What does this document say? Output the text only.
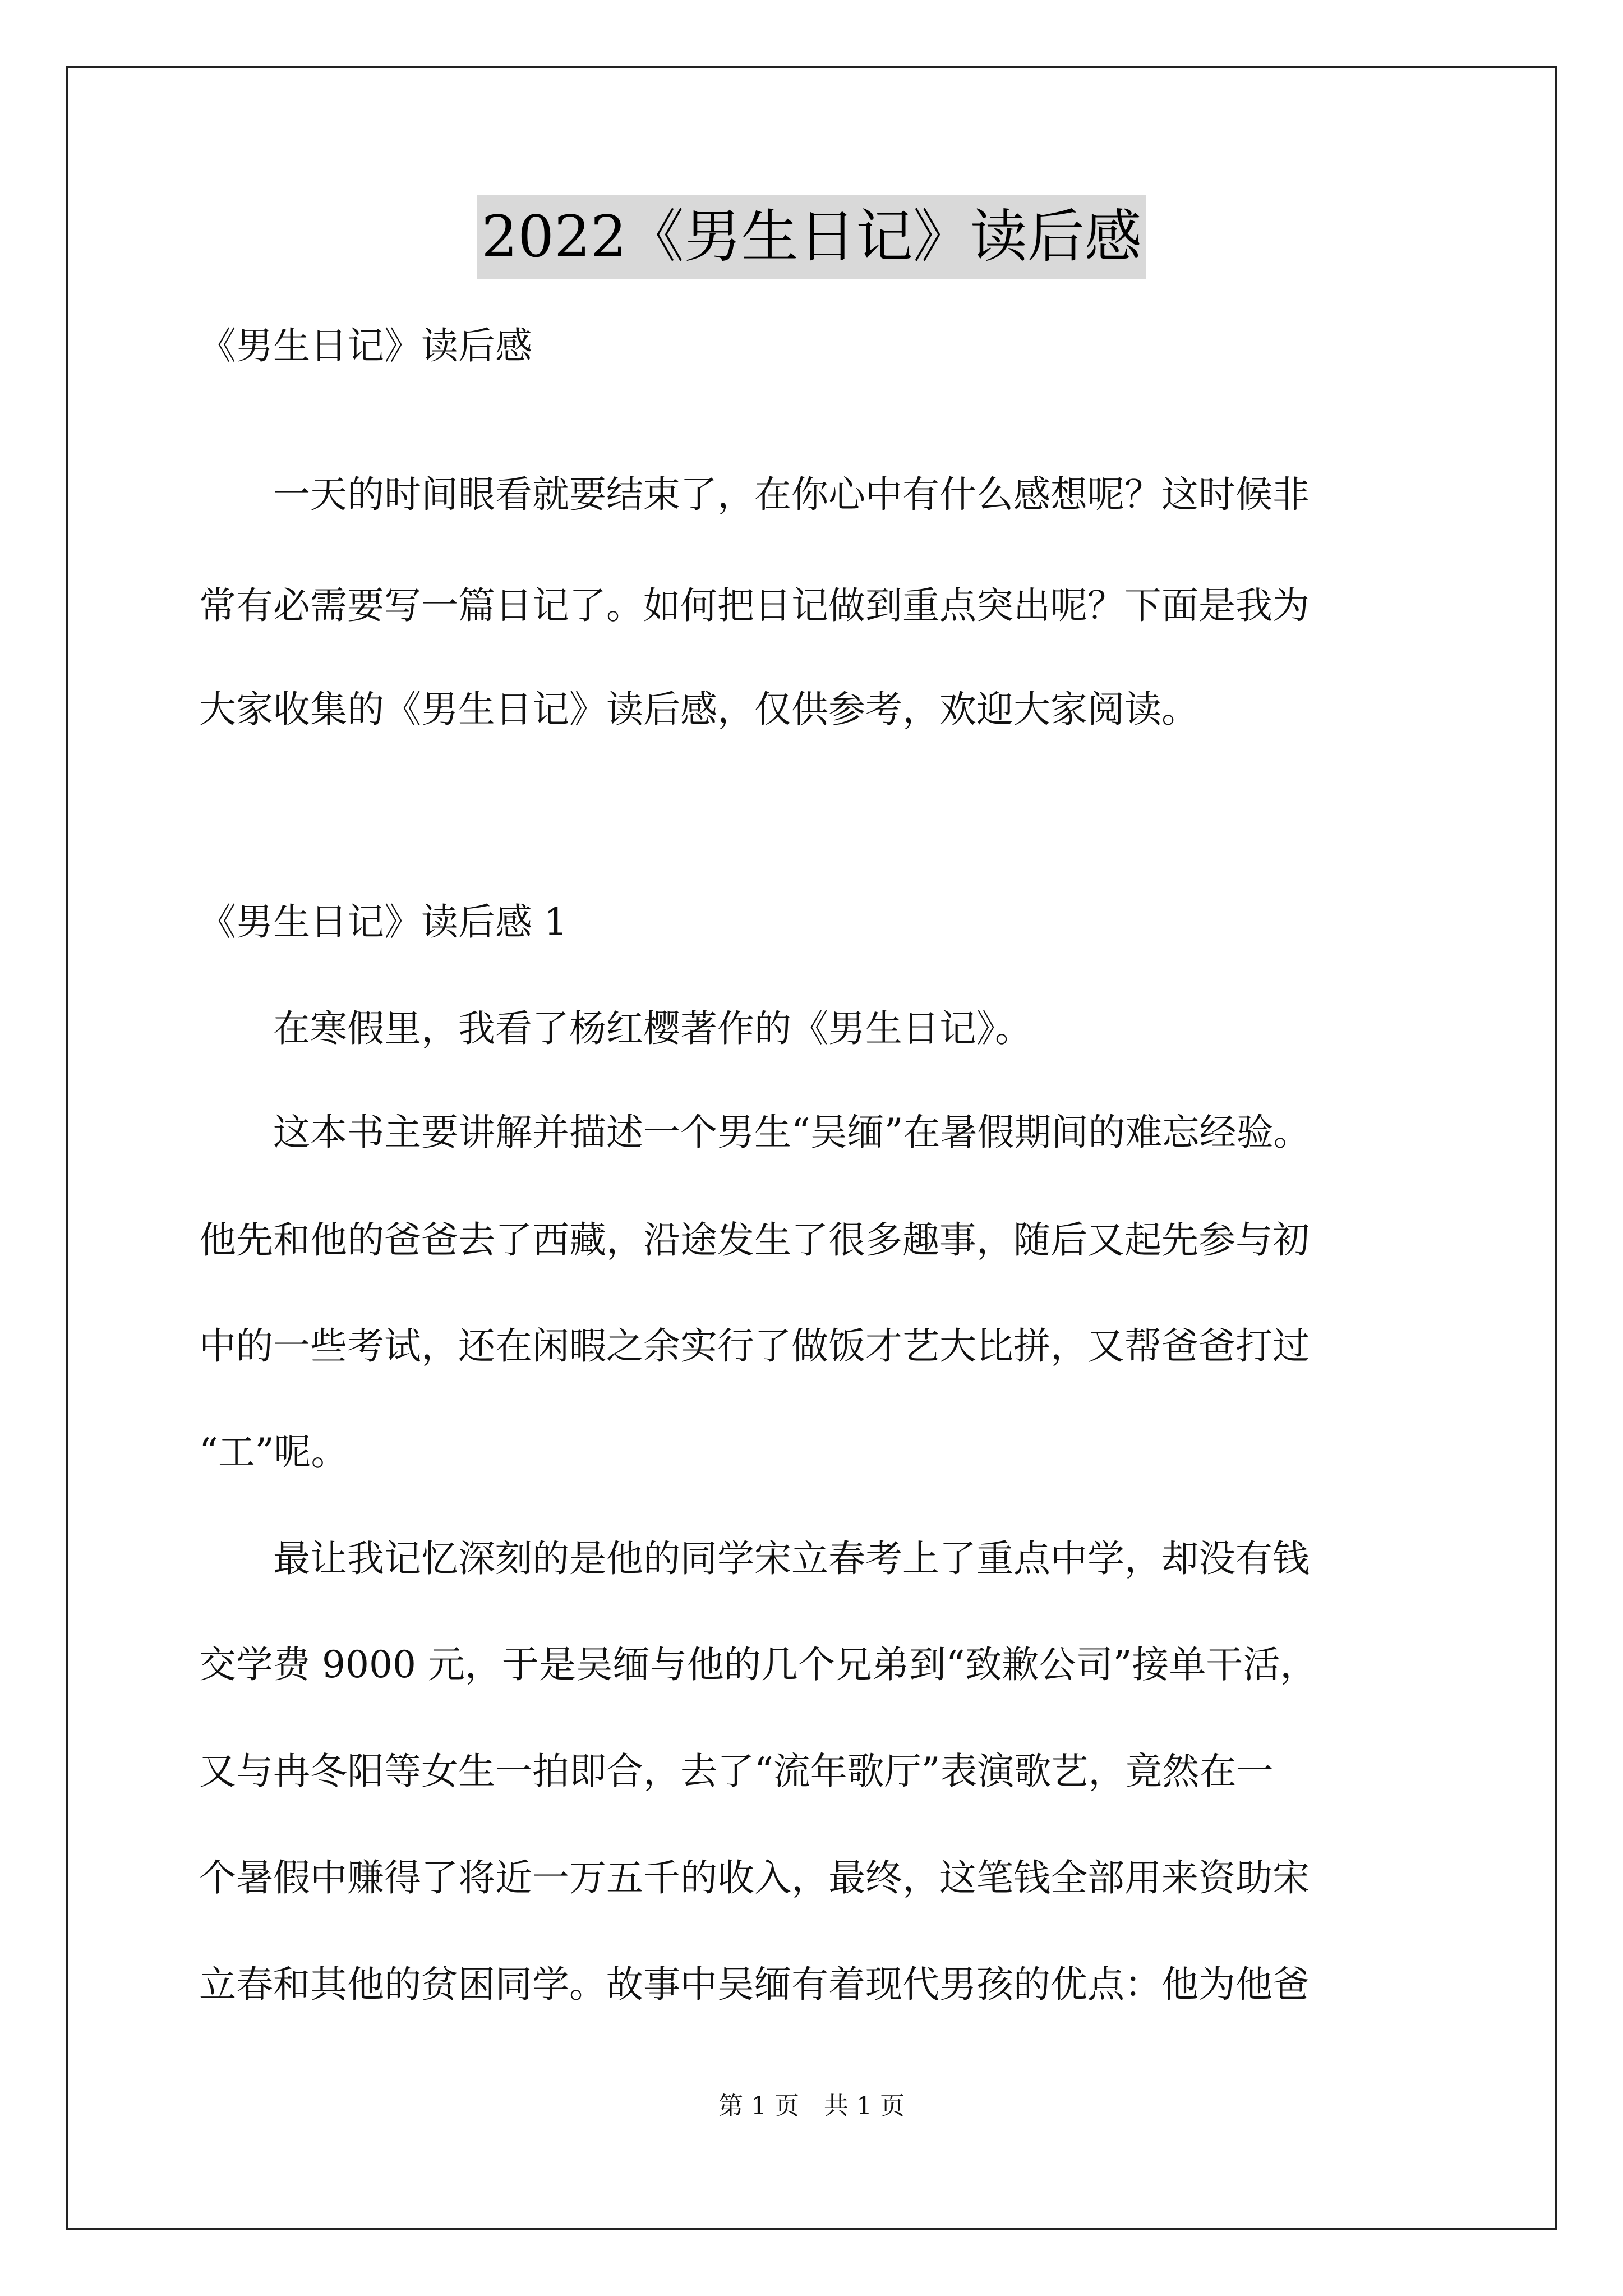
2022《男生日记》读后感
《男生日记》读后感
　　一天的时间眼看就要结束了，在你心中有什么感想呢？这时候非
常有必需要写一篇日记了。如何把日记做到重点突出呢？下面是我为
大家收集的《男生日记》读后感，仅供参考，欢迎大家阅读。
《男生日记》读后感 1
　　在寒假里，我看了杨红樱著作的《男生日记》。
　　这本书主要讲解并描述一个男生“吴缅”在暑假期间的难忘经验。
他先和他的爸爸去了西藏，沿途发生了很多趣事，随后又起先参与初
中的一些考试，还在闲暇之余实行了做饭才艺大比拼，又帮爸爸打过
“工”呢。
　　最让我记忆深刻的是他的同学宋立春考上了重点中学，却没有钱
交学费 9000 元，于是吴缅与他的几个兄弟到“致歉公司”接单干活，
又与冉冬阳等女生一拍即合，去了“流年歌厅”表演歌艺，竟然在一
个暑假中赚得了将近一万五千的收入，最终，这笔钱全部用来资助宋
立春和其他的贫困同学。故事中吴缅有着现代男孩的优点：他为他爸
第 1 页　共 1 页
